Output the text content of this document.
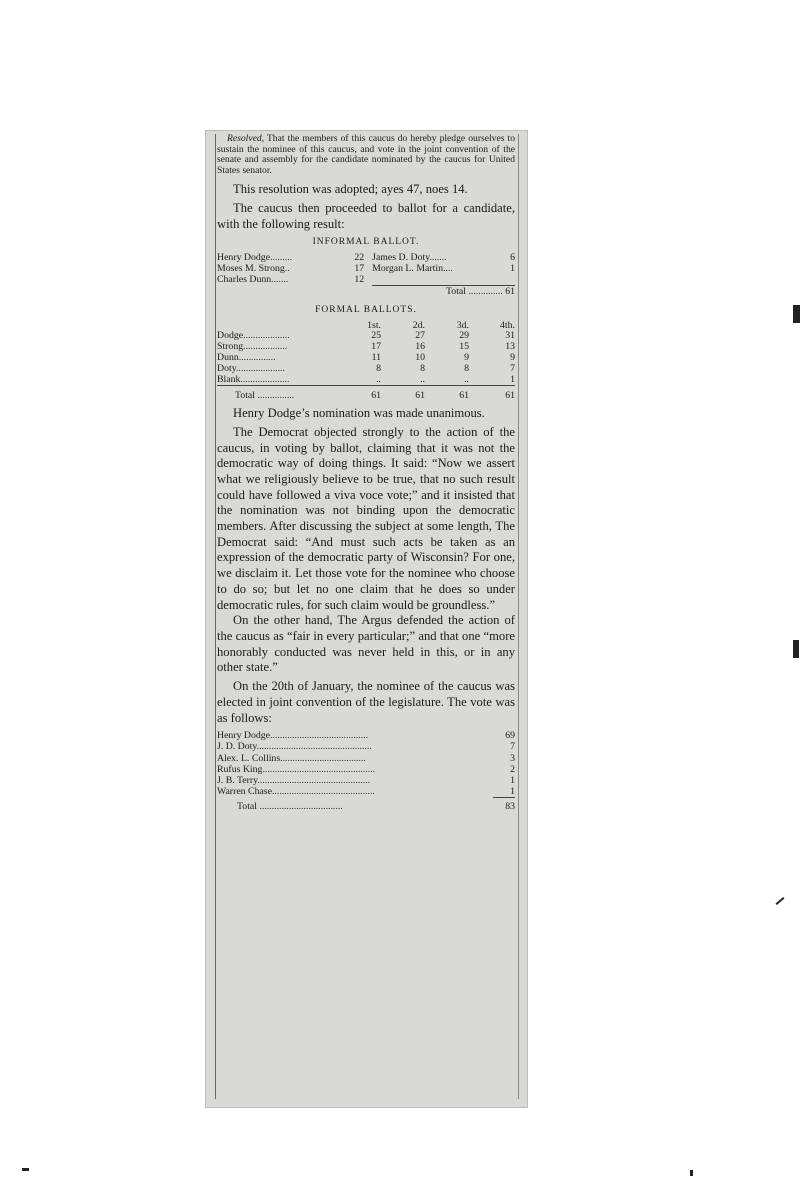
Resolved, That the members of this caucus do hereby pledge ourselves to sustain the nominee of this caucus, and vote in the joint convention of the senate and assembly for the candidate nominated by the caucus for United States senator.

This resolution was adopted; ayes 47, noes 14.

The caucus then proceeded to ballot for a candidate, with the following result:

INFORMAL BALLOT.
Henry Dodge.........	22	James D. Doty.......	6
Moses M. Strong..	17	Morgan L. Martin....	1
Charles Dunn.......	12		
		Total .............. 61	
FORMAL BALLOTS.
	1st.	2d.	3d.	4th.
Dodge...................	25	27	29	31
Strong..................	17	16	15	13
Dunn...............	11	10	9	9
Doty....................	8	8	8	7
Blank....................	..	..	..	1

Total ...............	61	61	61	61

Henry Dodge’s nomination was made unanimous.

The Democrat objected strongly to the action of the caucus, in voting by ballot, claiming that it was not the democratic way of doing things. It said: “Now we assert what we religiously believe to be true, that no such result could have followed a viva voce vote;” and it insisted that the nomination was not binding upon the democratic members. After discussing the subject at some length, The Democrat said: “And must such acts be taken as an expression of the democratic party of Wisconsin? For one, we disclaim it. Let those vote for the nominee who choose to do so; but let no one claim that he does so under democratic rules, for such claim would be groundless.”

On the other hand, The Argus defended the action of the caucus as “fair in every particular;” and that one “more honorably conducted was never held in this, or in any other state.”

On the 20th of January, the nominee of the caucus was elected in joint convention of the legislature. The vote was as follows:

Henry Dodge........................................	69
J. D. Doty...............................................	7
Alex. L. Collins...................................	3
Rufus King..............................................	2
J. B. Terry..............................................	1
Warren Chase..........................................	1

Total ..................................	83
